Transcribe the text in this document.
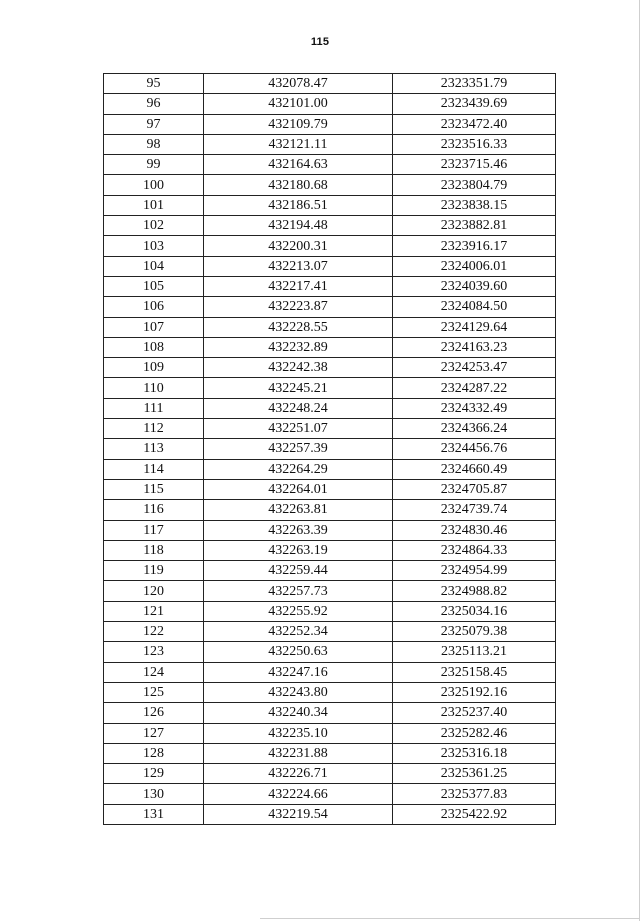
115
95	432078.47	2323351.79
96	432101.00	2323439.69
97	432109.79	2323472.40
98	432121.11	2323516.33
99	432164.63	2323715.46
100	432180.68	2323804.79
101	432186.51	2323838.15
102	432194.48	2323882.81
103	432200.31	2323916.17
104	432213.07	2324006.01
105	432217.41	2324039.60
106	432223.87	2324084.50
107	432228.55	2324129.64
108	432232.89	2324163.23
109	432242.38	2324253.47
110	432245.21	2324287.22
111	432248.24	2324332.49
112	432251.07	2324366.24
113	432257.39	2324456.76
114	432264.29	2324660.49
115	432264.01	2324705.87
116	432263.81	2324739.74
117	432263.39	2324830.46
118	432263.19	2324864.33
119	432259.44	2324954.99
120	432257.73	2324988.82
121	432255.92	2325034.16
122	432252.34	2325079.38
123	432250.63	2325113.21
124	432247.16	2325158.45
125	432243.80	2325192.16
126	432240.34	2325237.40
127	432235.10	2325282.46
128	432231.88	2325316.18
129	432226.71	2325361.25
130	432224.66	2325377.83
131	432219.54	2325422.92
